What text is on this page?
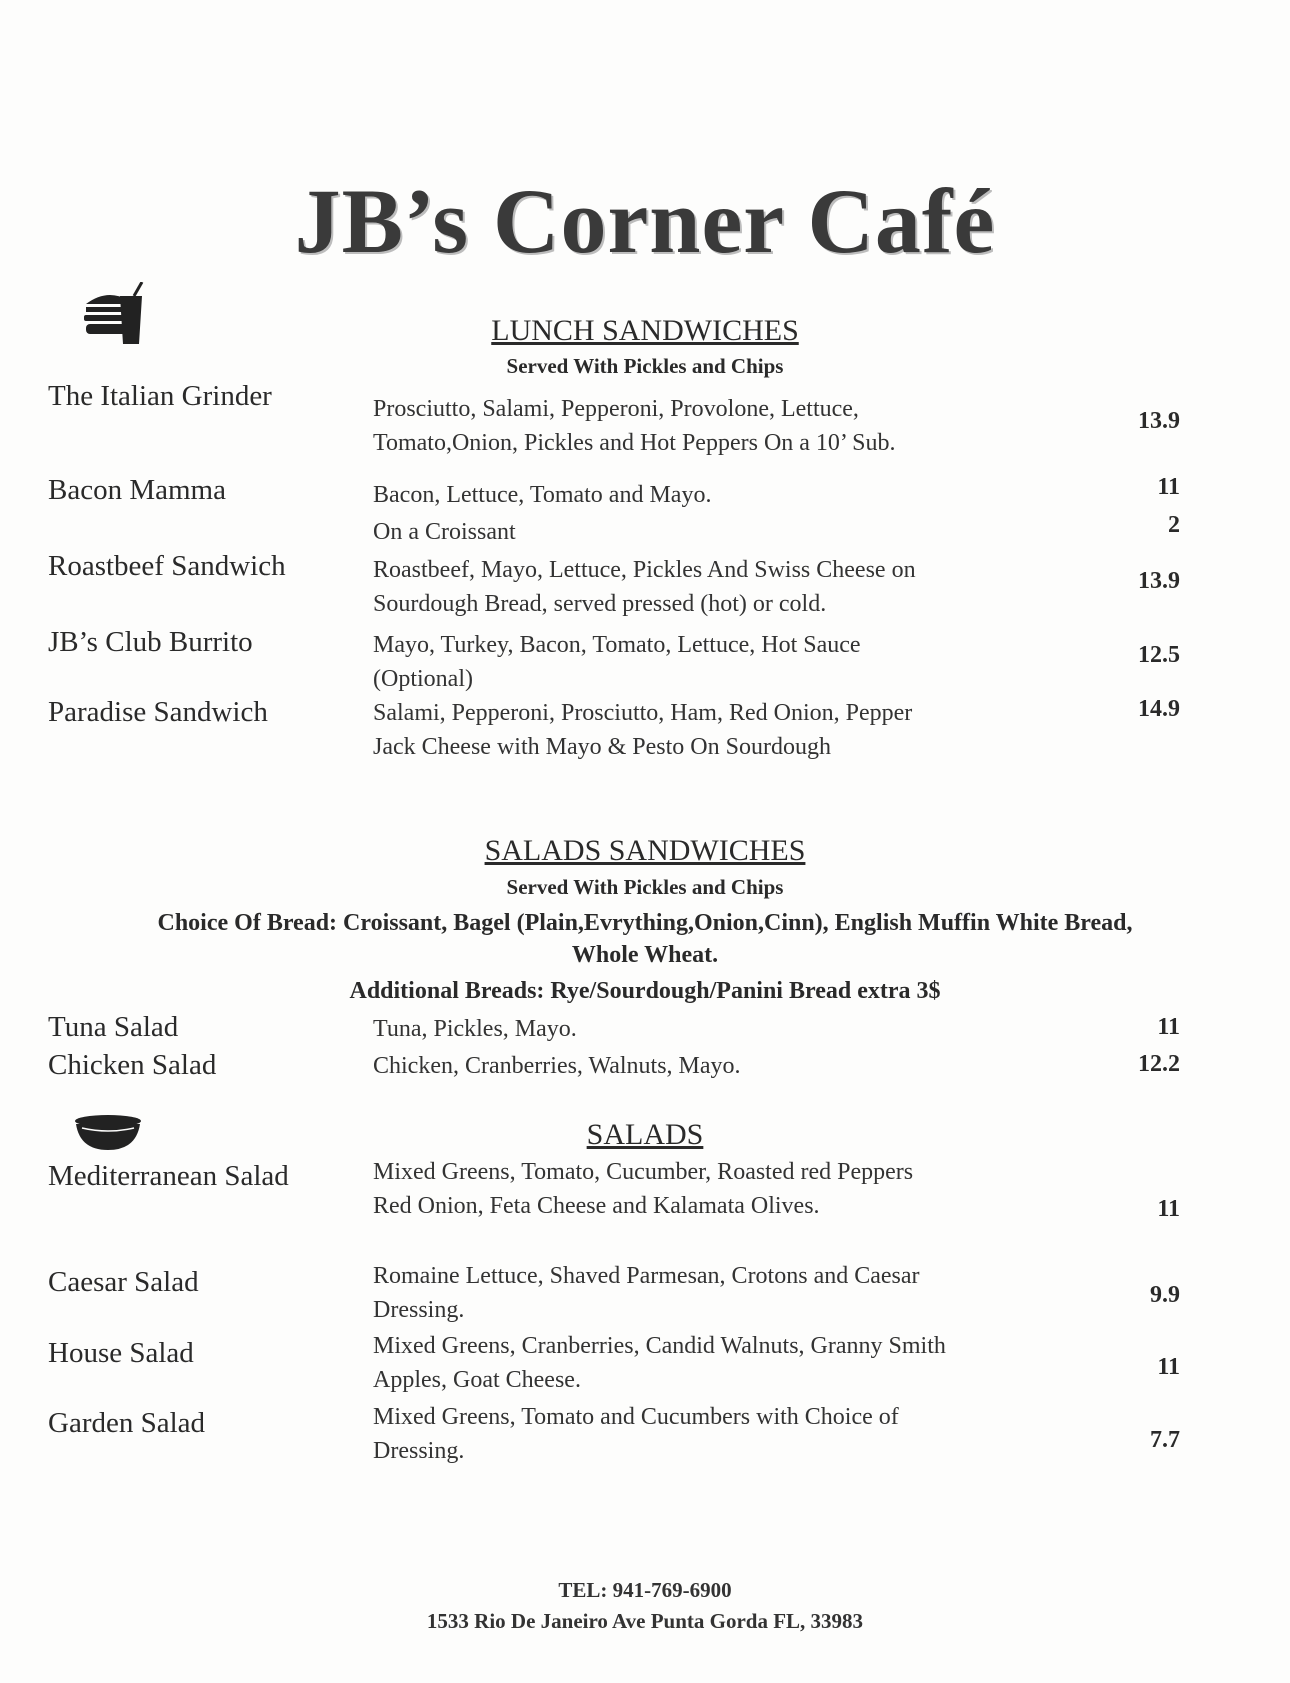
JB’s Corner Café
LUNCH SANDWICHES
Served With Pickles and Chips
The Italian Grinder	Prosciutto, Salami, Pepperoni, Provolone, Lettuce,
Tomato,Onion, Pickles and Hot Peppers On a 10’ Sub.
13.9
Bacon Mamma	Bacon, Lettuce, Tomato and Mayo.
On a Croissant
11
2
Roastbeef Sandwich	Roastbeef, Mayo, Lettuce, Pickles And Swiss Cheese on
Sourdough Bread, served pressed (hot) or cold.
13.9
JB’s Club Burrito	Mayo, Turkey, Bacon, Tomato, Lettuce, Hot Sauce
(Optional)
12.5
Paradise Sandwich	Salami, Pepperoni, Prosciutto, Ham, Red Onion, Pepper
Jack Cheese with Mayo & Pesto On Sourdough
14.9
SALADS SANDWICHES
Served With Pickles and Chips
Choice Of Bread: Croissant, Bagel (Plain,Evrything,Onion,Cinn), English Muffin White Bread,
Whole Wheat.
Additional Breads: Rye/Sourdough/Panini Bread extra 3$
Tuna Salad	Tuna, Pickles, Mayo.	11
Chicken Salad	Chicken, Cranberries, Walnuts, Mayo.	12.2
SALADS
Mediterranean Salad	Mixed Greens, Tomato, Cucumber, Roasted red Peppers
Red Onion, Feta Cheese and Kalamata Olives.	11
Caesar Salad	Romaine Lettuce, Shaved Parmesan, Crotons and Caesar
Dressing.
9.9
House Salad	Mixed Greens, Cranberries, Candid Walnuts, Granny Smith
Apples, Goat Cheese.	11
Garden Salad	Mixed Greens, Tomato and Cucumbers with Choice of
Dressing.	7.7
TEL: 941-769-6900
1533 Rio De Janeiro Ave Punta Gorda FL, 33983
